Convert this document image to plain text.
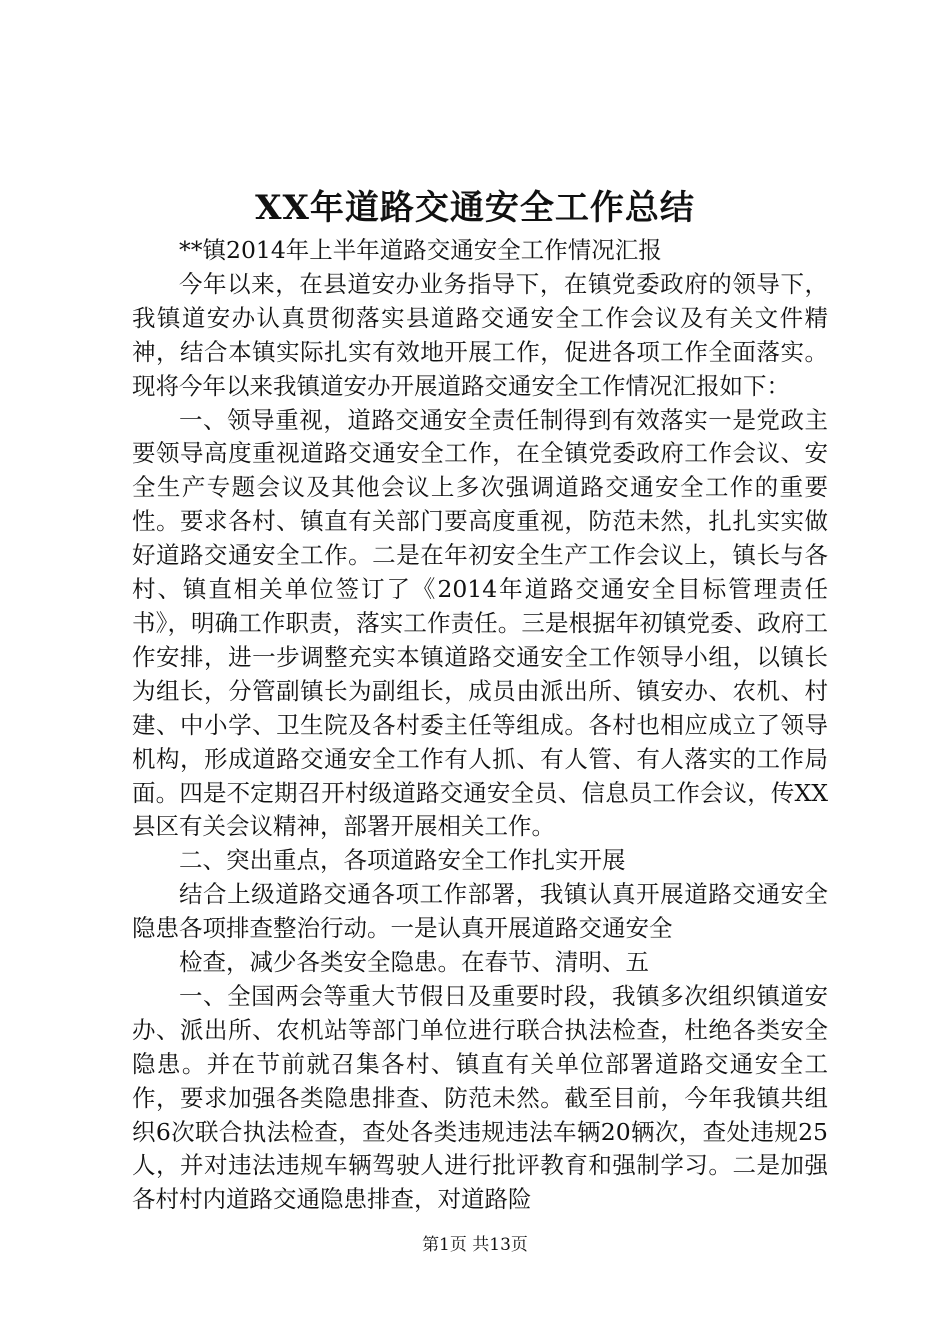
XX年道路交通安全工作总结

**镇2014年上半年道路交通安全工作情况汇报

今年以来，在县道安办业务指导下，在镇党委政府的领导下，我镇道安办认真贯彻落实县道路交通安全工作会议及有关文件精神，结合本镇实际扎实有效地开展工作，促进各项工作全面落实。现将今年以来我镇道安办开展道路交通安全工作情况汇报如下：

一、领导重视，道路交通安全责任制得到有效落实一是党政主要领导高度重视道路交通安全工作，在全镇党委政府工作会议、安全生产专题会议及其他会议上多次强调道路交通安全工作的重要性。要求各村、镇直有关部门要高度重视，防范未然，扎扎实实做好道路交通安全工作。二是在年初安全生产工作会议上，镇长与各村、镇直相关单位签订了《2014年道路交通安全目标管理责任书》，明确工作职责，落实工作责任。三是根据年初镇党委、政府工作安排，进一步调整充实本镇道路交通安全工作领导小组，以镇长为组长，分管副镇长为副组长，成员由派出所、镇安办、农机、村建、中小学、卫生院及各村委主任等组成。各村也相应成立了领导机构，形成道路交通安全工作有人抓、有人管、有人落实的工作局面。四是不定期召开村级道路交通安全员、信息员工作会议，传XX县区有关会议精神，部署开展相关工作。

二、突出重点，各项道路安全工作扎实开展

结合上级道路交通各项工作部署，我镇认真开展道路交通安全隐患各项排查整治行动。一是认真开展道路交通安全

检查，减少各类安全隐患。在春节、清明、五

一、全国两会等重大节假日及重要时段，我镇多次组织镇道安办、派出所、农机站等部门单位进行联合执法检查，杜绝各类安全隐患。并在节前就召集各村、镇直有关单位部署道路交通安全工作，要求加强各类隐患排查、防范未然。截至目前，今年我镇共组织6次联合执法检查，查处各类违规违法车辆20辆次，查处违规25人，并对违法违规车辆驾驶人进行批评教育和强制学习。二是加强各村村内道路交通隐患排查，对道路险

第1页 共13页
